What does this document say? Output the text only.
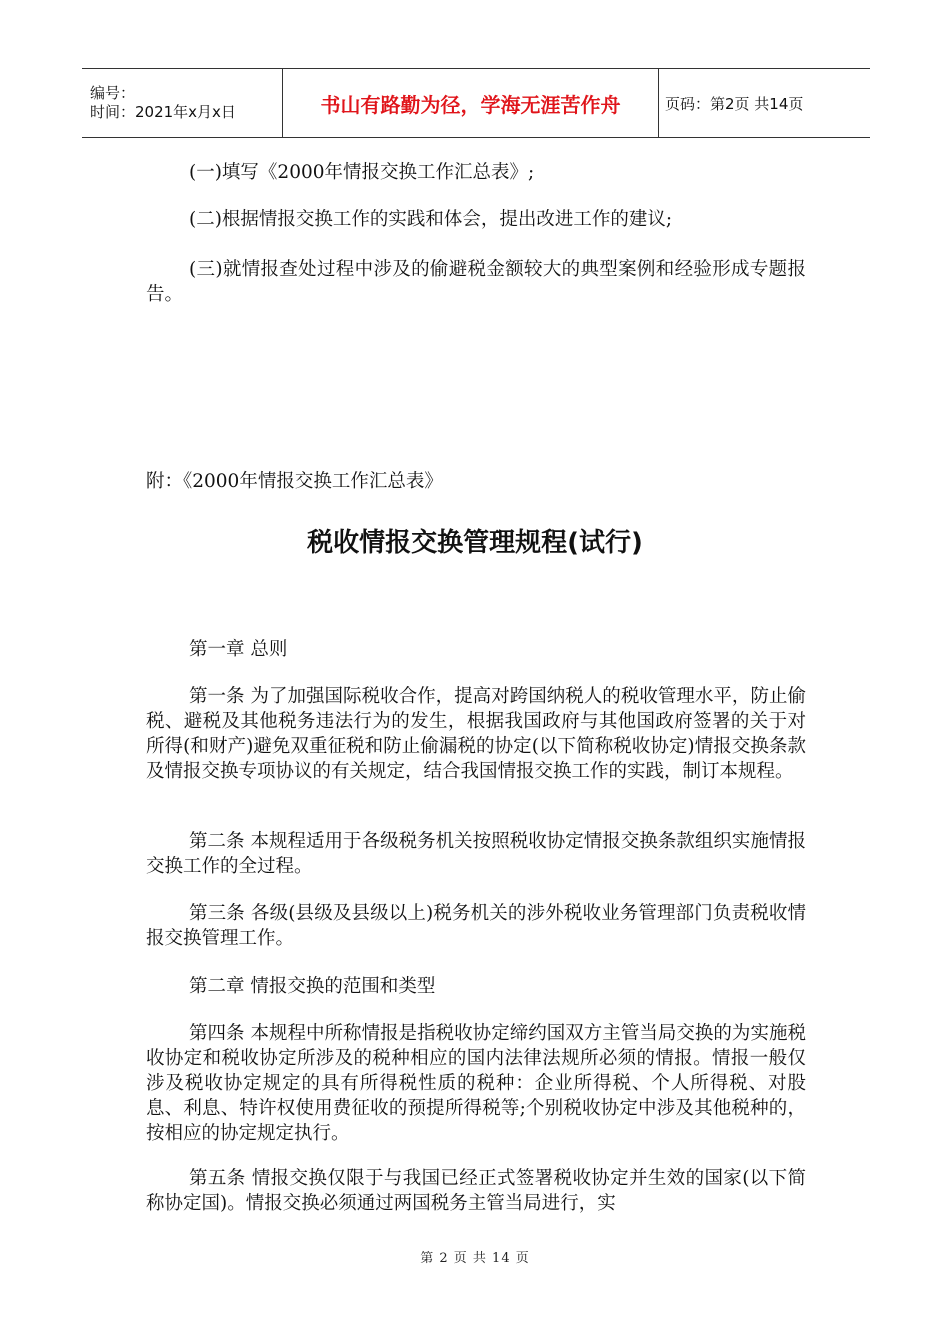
编号：
时间：2021年x月x日	书山有路勤为径，学海无涯苦作舟	页码：第2页 共14页

(一)填写《2000年情报交换工作汇总表》;

(二)根据情报交换工作的实践和体会，提出改进工作的建议;

(三)就情报查处过程中涉及的偷避税金额较大的典型案例和经验形成专题报告。

附：《2000年情报交换工作汇总表》

税收情报交换管理规程(试行)

第一章 总则

第一条 为了加强国际税收合作，提高对跨国纳税人的税收管理水平，防止偷税、避税及其他税务违法行为的发生，根据我国政府与其他国政府签署的关于对所得(和财产)避免双重征税和防止偷漏税的协定(以下简称税收协定)情报交换条款及情报交换专项协议的有关规定，结合我国情报交换工作的实践，制订本规程。

第二条 本规程适用于各级税务机关按照税收协定情报交换条款组织实施情报交换工作的全过程。

第三条 各级(县级及县级以上)税务机关的涉外税收业务管理部门负责税收情报交换管理工作。

第二章 情报交换的范围和类型

第四条 本规程中所称情报是指税收协定缔约国双方主管当局交换的为实施税收协定和税收协定所涉及的税种相应的国内法律法规所必须的情报。情报一般仅涉及税收协定规定的具有所得税性质的税种：企业所得税、个人所得税、对股息、利息、特许权使用费征收的预提所得税等;个别税收协定中涉及其他税种的，按相应的协定规定执行。

第五条 情报交换仅限于与我国已经正式签署税收协定并生效的国家(以下简称协定国)。情报交换必须通过两国税务主管当局进行，实

第 2 页 共 14 页
